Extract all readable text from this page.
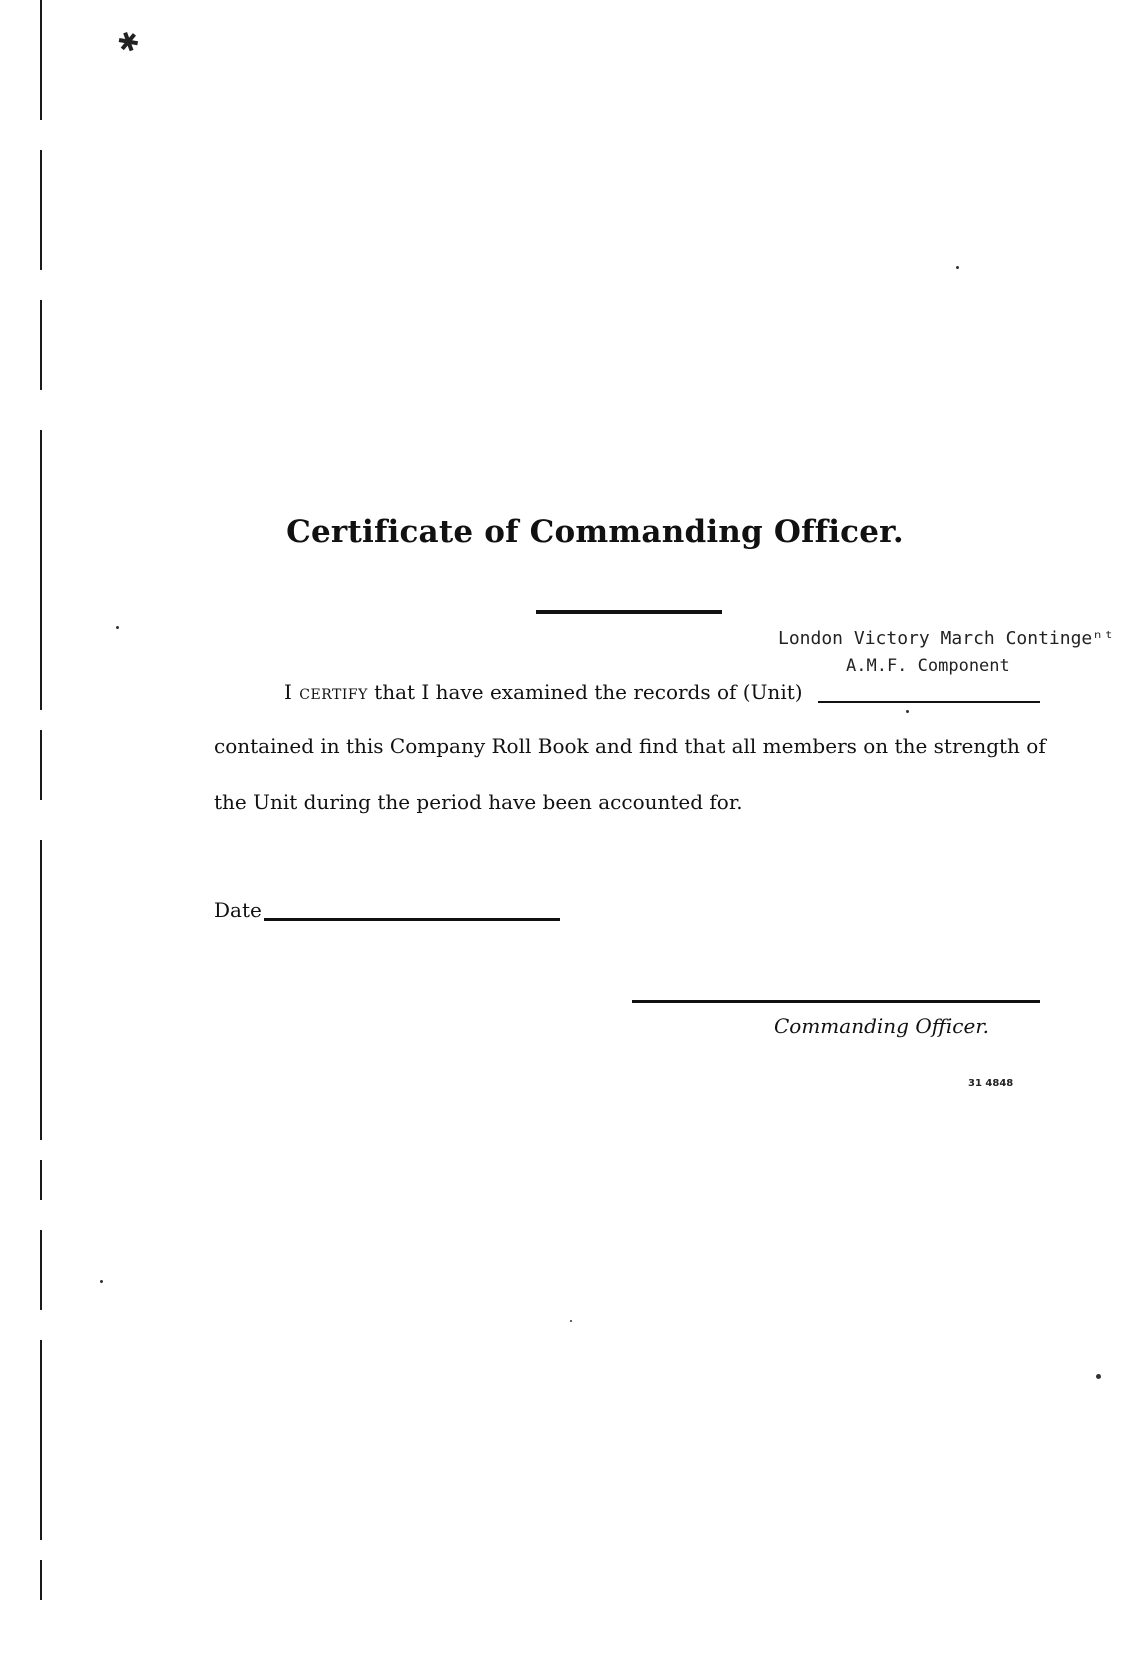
✱
Certificate of Commanding Officer.
London Victory March Contingeⁿᵗ
A.M.F. Component
I certify that I have examined the records of (Unit)
contained in this Company Roll Book and find that all members on the strength of
the Unit during the period have been accounted for.
Date
Commanding Officer.
31 4848
